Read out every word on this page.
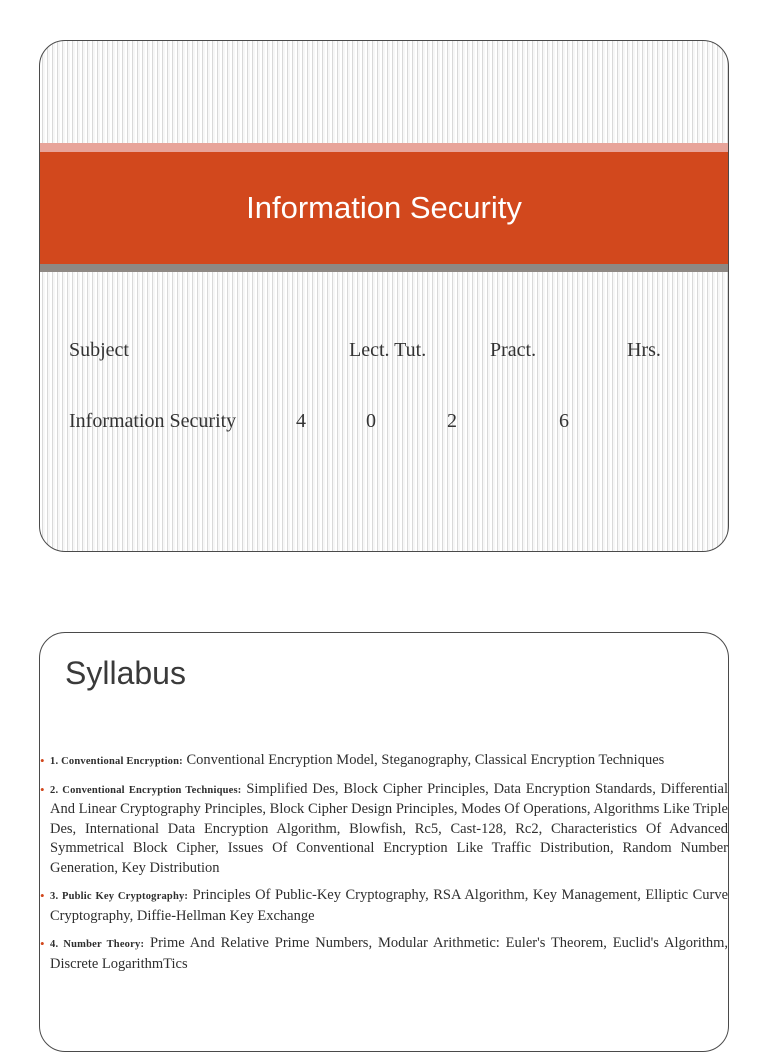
Information Security
Subject	Lect. Tut.	Pract.	Hrs.
Information Security	4	0	2	6
Syllabus
• 1. Conventional Encryption: Conventional Encryption Model, Steganography, Classical Encryption Techniques
• 2. Conventional Encryption Techniques: Simplified Des, Block Cipher Principles, Data Encryption Standards, Differential And Linear Cryptography Principles, Block Cipher Design Principles, Modes Of Operations, Algorithms Like Triple Des, International Data Encryption Algorithm, Blowfish, Rc5, Cast-128, Rc2, Characteristics Of Advanced Symmetrical Block Cipher, Issues Of Conventional Encryption Like Traffic Distribution, Random Number Generation, Key Distribution
• 3. Public Key Cryptography: Principles Of Public-Key Cryptography, RSA Algorithm, Key Management, Elliptic Curve Cryptography, Diffie-Hellman Key Exchange
• 4. Number Theory: Prime And Relative Prime Numbers, Modular Arithmetic: Euler's Theorem, Euclid's Algorithm, Discrete LogarithmTics
